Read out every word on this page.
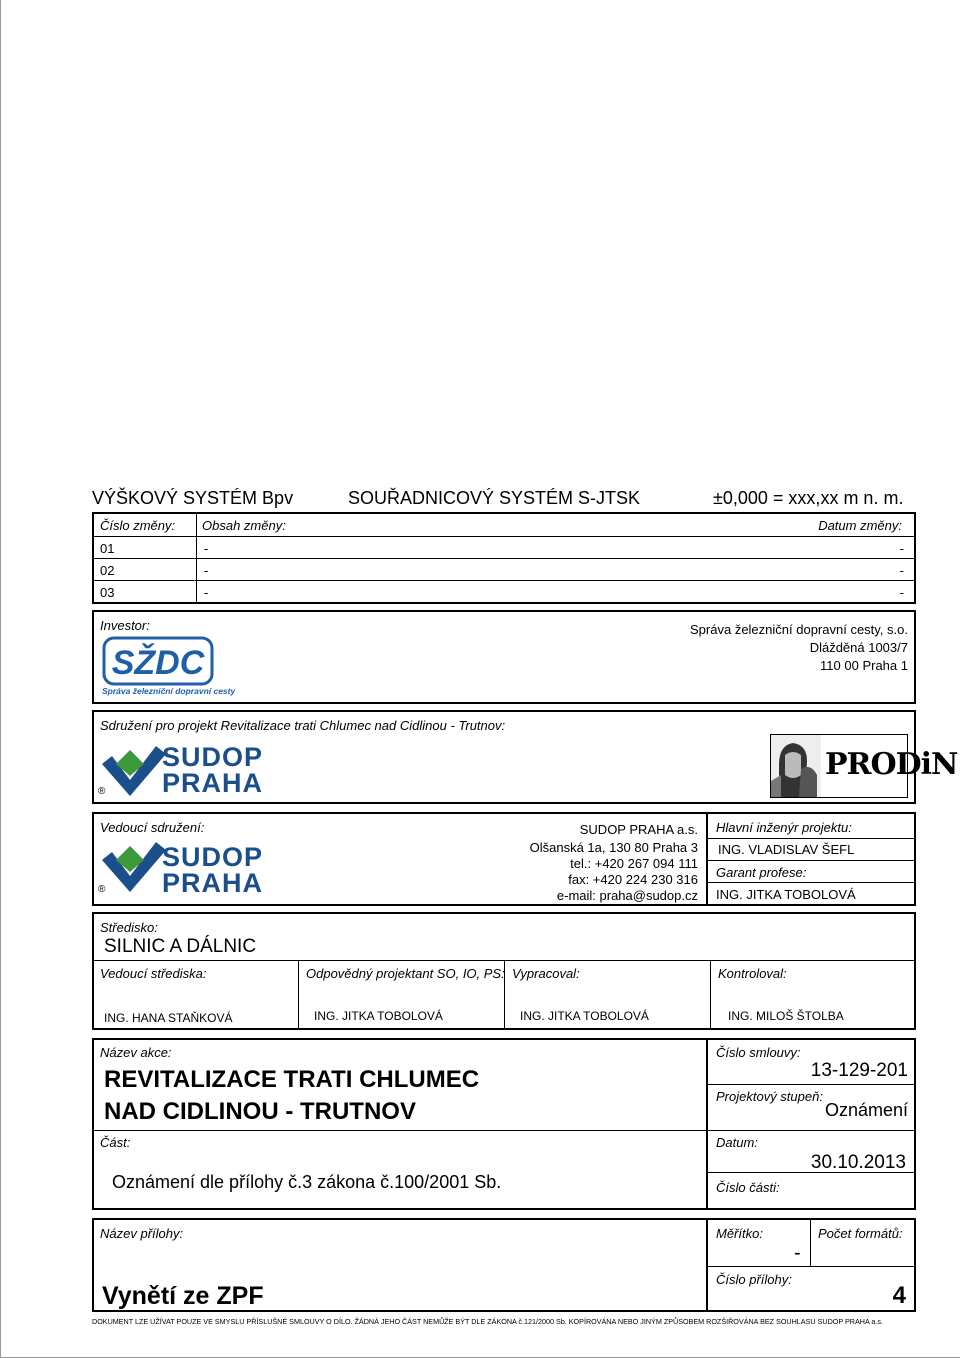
VÝŠKOVÝ SYSTÉM Bpv	SOUŘADNICOVÝ SYSTÉM S-JTSK	±0,000 = xxx,xx m n. m.
Číslo změny: Obsah změny:	Datum změny:
01	-	-
02	-	-
03	-	-
Investor:
SŽDC
Správa železniční dopravní cesty
Správa železniční dopravní cesty, s.o.
Dlážděná 1003/7
110 00 Praha 1
Sdružení pro projekt Revitalizace trati Chlumec nad Cidlinou - Trutnov:
®
SUDOP
PRAHA
PRODiN
Vedoucí sdružení:
®
SUDOP
PRAHA
SUDOP PRAHA a.s.
Olšanská 1a, 130 80 Praha 3
tel.: +420 267 094 111
fax: +420 224 230 316
e-mail: praha@sudop.cz
Hlavní inženýr projektu:
ING. VLADISLAV ŠEFL
Garant profese:
ING. JITKA TOBOLOVÁ
Středisko:
SILNIC A DÁLNIC
Vedoucí střediska:
ING. HANA STAŇKOVÁ
Odpovědný projektant SO, IO, PS:
ING. JITKA TOBOLOVÁ
Vypracoval:
ING. JITKA TOBOLOVÁ
Kontroloval:
ING. MILOŠ ŠTOLBA
Název akce:
REVITALIZACE TRATI CHLUMEC
NAD CIDLINOU - TRUTNOV
Část:
Oznámení dle přílohy č.3 zákona č.100/2001 Sb.
Číslo smlouvy:
13-129-201
Projektový stupeň:
Oznámení
Datum:
30.10.2013
Číslo části:
Název přílohy:
Vynětí ze ZPF
Měřítko:
-
Počet formátů:
Číslo přílohy:
4
DOKUMENT LZE UŽÍVAT POUZE VE SMYSLU PŘÍSLUŠNÉ SMLOUVY O DÍLO. ŽÁDNÁ JEHO ČÁST NEMŮŽE BÝT DLE ZÁKONA č.121/2000 Sb. KOPÍROVÁNA NEBO JINÝM ZPŮSOBEM ROZŠIŘOVÁNA BEZ SOUHLASU SUDOP PRAHA a.s.
